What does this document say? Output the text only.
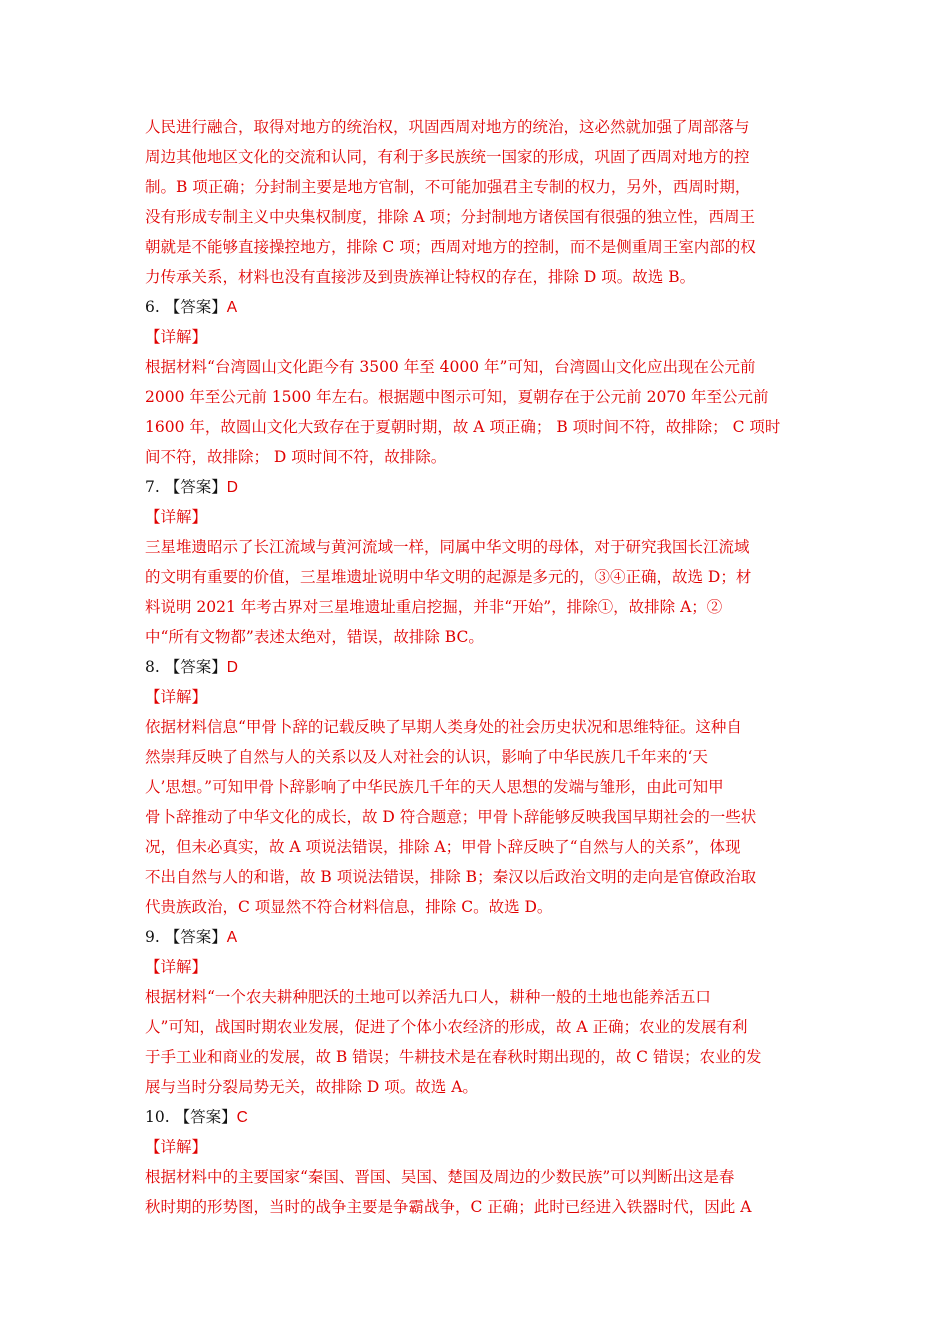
人民进行融合，取得对地方的统治权，巩固西周对地方的统治，这必然就加强了周部落与
周边其他地区文化的交流和认同，有利于多民族统一国家的形成，巩固了西周对地方的控
制。B 项正确；分封制主要是地方官制，不可能加强君主专制的权力，另外，西周时期，
没有形成专制主义中央集权制度，排除 A 项；分封制地方诸侯国有很强的独立性，西周王
朝就是不能够直接操控地方，排除 C 项；西周对地方的控制，而不是侧重周王室内部的权
力传承关系，材料也没有直接涉及到贵族禅让特权的存在，排除 D 项。故选 B。
6. 【答案】A
【详解】
根据材料“台湾圆山文化距今有 3500 年至 4000 年”可知，台湾圆山文化应出现在公元前
2000 年至公元前 1500 年左右。根据题中图示可知，夏朝存在于公元前 2070 年至公元前
1600 年，故圆山文化大致存在于夏朝时期，故 A 项正确； B 项时间不符，故排除； C 项时
间不符，故排除； D 项时间不符，故排除。
7. 【答案】D
【详解】
三星堆遗昭示了长江流域与黄河流域一样，同属中华文明的母体，对于研究我国长江流域
的文明有重要的价值，三星堆遗址说明中华文明的起源是多元的，③④正确，故选 D；材
料说明 2021 年考古界对三星堆遗址重启挖掘，并非“开始”，排除①，故排除 A；②
中“所有文物都”表述太绝对，错误，故排除 BC。
8. 【答案】D
【详解】
依据材料信息“甲骨卜辞的记载反映了早期人类身处的社会历史状况和思维特征。这种自
然崇拜反映了自然与人的关系以及人对社会的认识，影响了中华民族几千年来的‘天
人’思想。”可知甲骨卜辞影响了中华民族几千年的天人思想的发端与雏形，由此可知甲
骨卜辞推动了中华文化的成长，故 D 符合题意；甲骨卜辞能够反映我国早期社会的一些状
况，但未必真实，故 A 项说法错误，排除 A；甲骨卜辞反映了“自然与人的关系”，体现
不出自然与人的和谐，故 B 项说法错误，排除 B；秦汉以后政治文明的走向是官僚政治取
代贵族政治，C 项显然不符合材料信息，排除 C。故选 D。
9. 【答案】A
【详解】
根据材料“一个农夫耕种肥沃的土地可以养活九口人，耕种一般的土地也能养活五口
人”可知，战国时期农业发展，促进了个体小农经济的形成，故 A 正确；农业的发展有利
于手工业和商业的发展，故 B 错误；牛耕技术是在春秋时期出现的，故 C 错误；农业的发
展与当时分裂局势无关，故排除 D 项。故选 A。
10. 【答案】C
【详解】
根据材料中的主要国家“秦国、晋国、吴国、楚国及周边的少数民族”可以判断出这是春
秋时期的形势图，当时的战争主要是争霸战争，C 正确；此时已经进入铁器时代，因此 A
